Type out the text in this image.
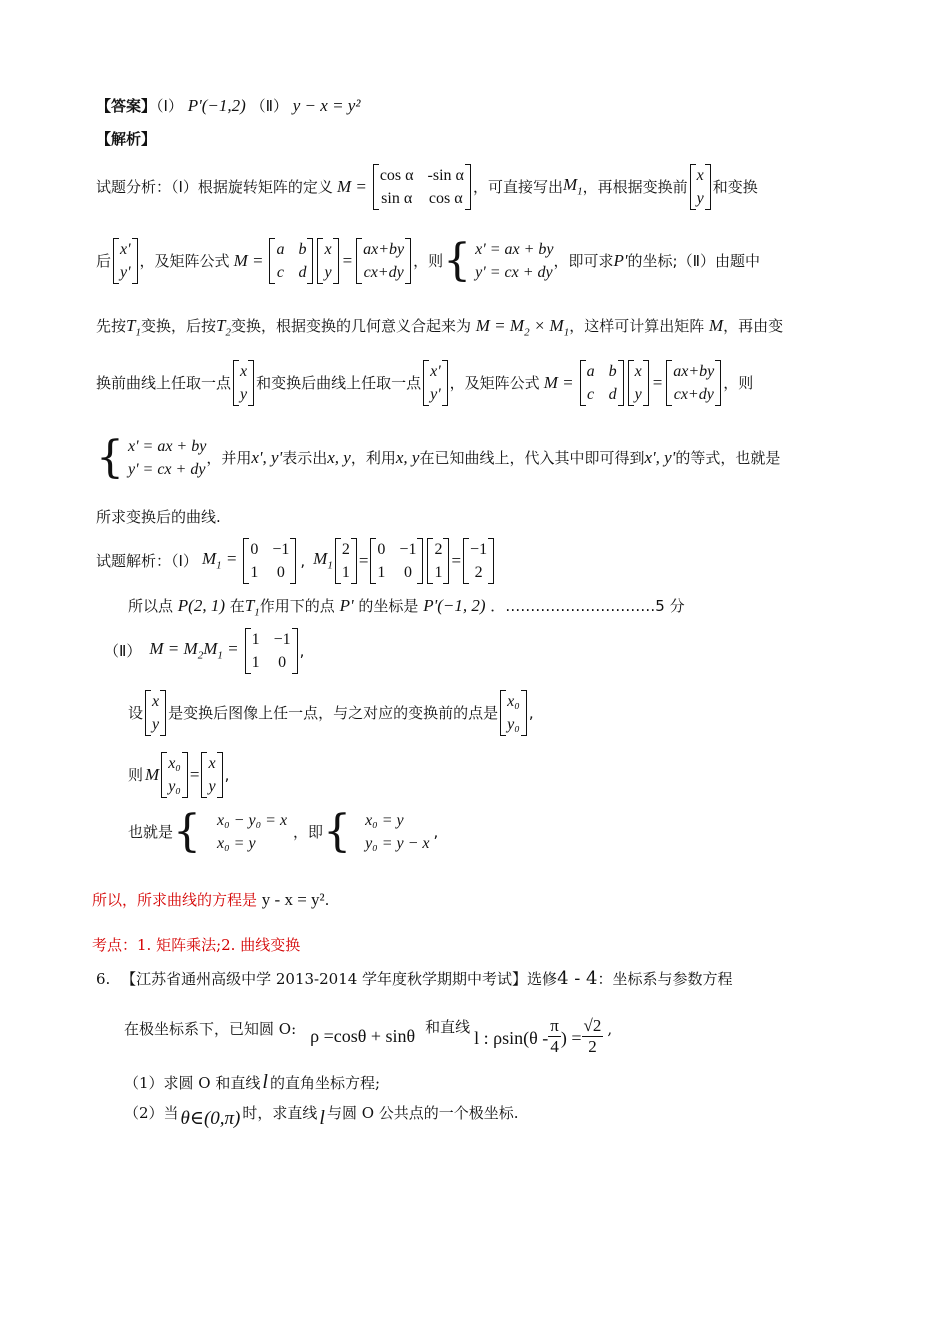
【答案】（Ⅰ） P'(−1,2) （Ⅱ） y − x = y²
【解析】
试题分析：（Ⅰ）根据旋转矩阵的定义 M =
cos α -sin α
sin α cos α
，可直接写出 $M_1$ ，再根据变换前
x
y
和变换
后
x'
y'
，及矩阵公式 M =
a b
c d
x
y
=
ax+by
cx+dy
，则 { x' = ax + by
y' = cx + dy
，即可求 P' 的坐标;（Ⅱ）由题中
先按$T_1$变换，后按$T_2$变换，根据变换的几何意义合起来为 $M = M_2 \times M_1$，这样可计算出矩阵 M，再由变
换前曲线上任取一点
x
y
和变换后曲线上任取一点
x'
y'
，及矩阵公式 M =
a b
c d
x
y
=
ax+by
cx+dy
，则
{ x' = ax + by
y' = cx + dy
，并用 x', y' 表示出 x, y ，利用 x, y 在已知曲线上，代入其中即可得到 x', y' 的等式，也就是
所求变换后的曲线.
试题解析：（Ⅰ） $M_1 = 0 -1$
1 0
, $M_1$
2
1
=
0 −1
1 0
2
1
=
−1
2
所以点 P(2, 1) 在$T_1$作用下的点 P' 的坐标是 P'(−1, 2) ．…………………………5 分
（Ⅱ） $M = M_2M_1 = 1 -1$
1 0
,
设
x
y
是变换后图像上任一点，与之对应的变换前的点是
x₀
y₀
,
则 M
x₀
y₀
=
x
y
,
也就是 { x₀ − y₀ = x
x₀ = y
，即 { x₀ = y
y₀ = y − x
,
所以，所求曲线的方程是 y - x = y².
考点：1. 矩阵乘法;2. 曲线变换
6. 【江苏省通州高级中学 2013-2014 学年度秋学期期中考试】选修4 - 4：坐标系与参数方程
在极坐标系下，已知圆 O: ρ =cosθ + sinθ 和直线
l : $\rho\sin(\theta - \frac{\pi}{4}$ ) = $\frac{√2}{2}$ ,
（1）求圆 O 和直线 l 的直角坐标方程;
（2）当 θ∈(0,π) 时，求直线 l 与圆 O 公共点的一个极坐标.
